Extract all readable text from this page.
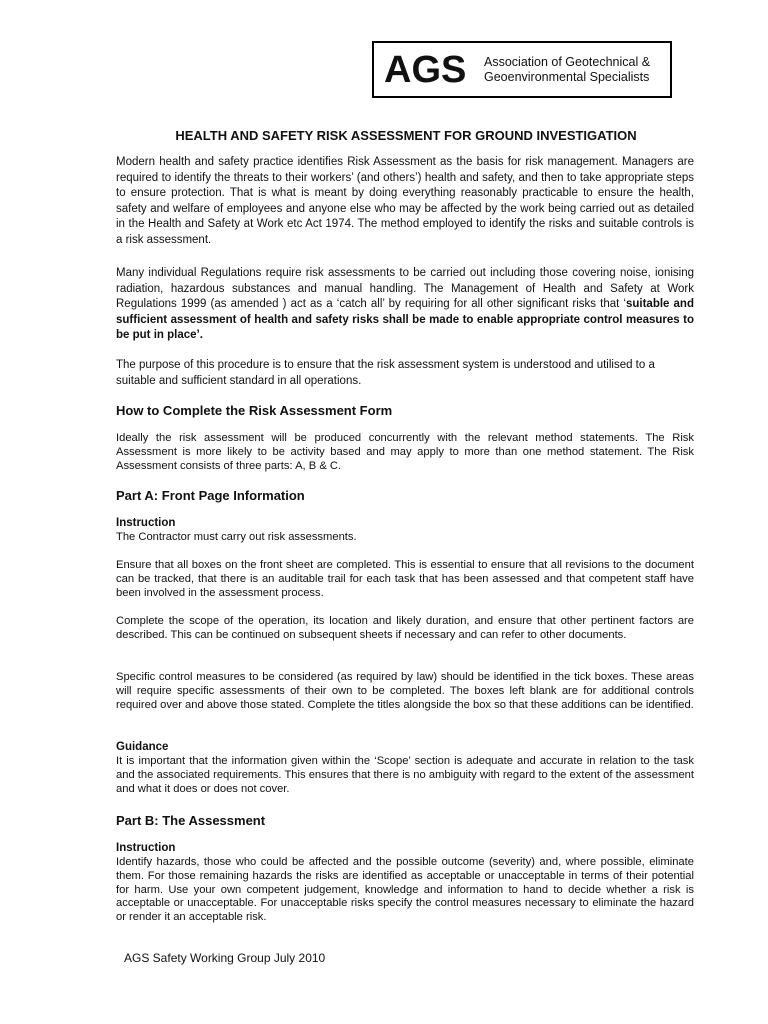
AGS Association of Geotechnical &
Geoenvironmental Specialists
HEALTH AND SAFETY RISK ASSESSMENT FOR GROUND INVESTIGATION

Modern health and safety practice identifies Risk Assessment as the basis for risk management. Managers are required to identify the threats to their workers’ (and others’) health and safety, and then to take appropriate steps to ensure protection. That is what is meant by doing everything reasonably practicable to ensure the health, safety and welfare of employees and anyone else who may be affected by the work being carried out as detailed in the Health and Safety at Work etc Act 1974. The method employed to identify the risks and suitable controls is a risk assessment.

Many individual Regulations require risk assessments to be carried out including those covering noise, ionising radiation, hazardous substances and manual handling. The Management of Health and Safety at Work Regulations 1999 (as amended ) act as a ‘catch all’ by requiring for all other significant risks that ‘suitable and sufficient assessment of health and safety risks shall be made to enable appropriate control measures to be put in place’.

The purpose of this procedure is to ensure that the risk assessment system is understood and utilised to a suitable and sufficient standard in all operations.

How to Complete the Risk Assessment Form

Ideally the risk assessment will be produced concurrently with the relevant method statements. The Risk Assessment is more likely to be activity based and may apply to more than one method statement. The Risk Assessment consists of three parts: A, B & C.

Part A: Front Page Information
Instruction

The Contractor must carry out risk assessments.

Ensure that all boxes on the front sheet are completed. This is essential to ensure that all revisions to the document can be tracked, that there is an auditable trail for each task that has been assessed and that competent staff have been involved in the assessment process.

Complete the scope of the operation, its location and likely duration, and ensure that other pertinent factors are described. This can be continued on subsequent sheets if necessary and can refer to other documents.

Specific control measures to be considered (as required by law) should be identified in the tick boxes. These areas will require specific assessments of their own to be completed. The boxes left blank are for additional controls required over and above those stated. Complete the titles alongside the box so that these additions can be identified.

Guidance

It is important that the information given within the ‘Scope’ section is adequate and accurate in relation to the task and the associated requirements. This ensures that there is no ambiguity with regard to the extent of the assessment and what it does or does not cover.

Part B: The Assessment
Instruction

Identify hazards, those who could be affected and the possible outcome (severity) and, where possible, eliminate them. For those remaining hazards the risks are identified as acceptable or unacceptable in terms of their potential for harm. Use your own competent judgement, knowledge and information to hand to decide whether a risk is acceptable or unacceptable. For unacceptable risks specify the control measures necessary to eliminate the hazard or render it an acceptable risk.

AGS Safety Working Group July 2010
